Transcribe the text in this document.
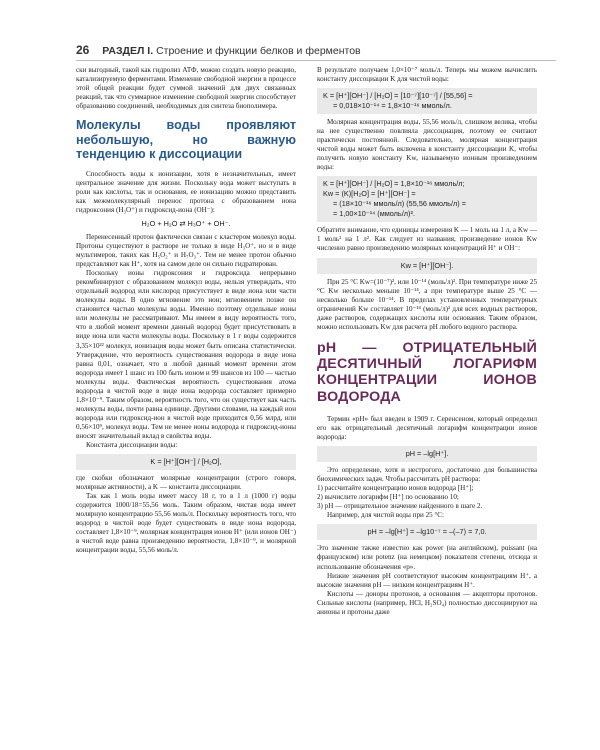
26 РАЗДЕЛ I. Строение и функции белков и ферментов

ски выгодный, такой как гидролиз АТФ, можно создать новую реакцию, катализируемую ферментами. Изменение свободной энергии в процессе этой общей реакции будет суммой значений для двух связанных реакций, так что суммарное изменение свободной энергии способствует образованию соединений, необходимых для синтеза биополимера.

Молекулы воды проявляют небольшую, но важную тенденцию к диссоциации

Способность воды к ионизации, хотя в незначительных, имеет центральное значение для жизни. Поскольку вода может выступать в роли как кислоты, так и основания, ее ионизацию можно представить как межмолекулярный перенос протона с образованием иона гидроксония (H₃O⁺) и гидроксид-иона (OH⁻):

H₂O + H₂O ⇄ H₃O⁺ + OH⁻.

Перенесенный протон фактически связан с кластером молекул воды. Протоны существуют в растворе не только в виде H₃O⁺, но и в виде мультимеров, таких как H₅O₂⁺ и H₇O₃⁺. Тем не менее протон обычно представляют как H⁺, хотя на самом деле он сильно гидратирован.

Поскольку ионы гидроксония и гидроксида непрерывно рекомбинируют с образованием молекул воды, нельзя утверждать, что отдельный водород или кислород присутствует в виде иона или части молекулы воды. В одно мгновение это ион; мгновением позже он становится частью молекулы воды. Именно поэтому отдельные ионы или молекулы не рассматривают. Мы имеем в виду вероятность того, что в любой момент времени данный водород будет присутствовать в виде иона или части молекулы воды. Поскольку в 1 г воды содержится 3,35×10²² молекул, ионизация воды может быть описана статистически. Утверждение, что вероятность существования водорода в виде иона равна 0,01, означает, что в любой данный момент времени атом водорода имеет 1 шанс из 100 быть ионом и 99 шансов из 100 — частью молекулы воды. Фактическая вероятность существования атома водорода в чистой воде в виде иона водорода составляет примерно 1,8×10⁻⁹. Таким образом, вероятность того, что он существует как часть молекулы воды, почти равна единице. Другими словами, на каждый ион водорода или гидроксид-ион в чистой воде приходится 0,56 млрд, или 0,56×10⁹, молекул воды. Тем не менее ионы водорода и гидроксид-ионы вносят значительный вклад в свойства воды.

Константа диссоциации воды:

K = [H⁺][OH⁻] / [H₂O],

где скобки обозначают молярные концентрации (строго говоря, молярные активности), а K — константа диссоциации.

Так как 1 моль воды имеет массу 18 г, то в 1 л (1000 г) воды содержится 1000/18=55,56 моль. Таким образом, чистая вода имеет молярную концентрацию 55,56 моль/л. Поскольку вероятность того, что водород в чистой воде будет существовать в виде иона водорода, составляет 1,8×10⁻⁹, молярная концентрация ионов H⁺ (или ионов OH⁻) в чистой воде равна произведению вероятности, 1,8×10⁻⁹, и молярной концентрации воды, 55,56 моль/л.

В результате получаем 1,0×10⁻⁷ моль/л. Теперь мы можем вычислить константу диссоциации K для чистой воды:

K = [H⁺][OH⁻] / [H₂O] = [10⁻⁷][10⁻⁷] / [55,56] =
= 0,018×10⁻¹⁴ = 1,8×10⁻¹⁶ ммоль/л.

Молярная концентрация воды, 55,56 моль/л, слишком велика, чтобы на нее существенно повлияла диссоциация, поэтому ее считают практически постоянной. Следовательно, молярная концентрация чистой воды может быть включена в константу диссоциации K, чтобы получить новую константу Kw, называемую ионным произведением воды:

K = [H⁺][OH⁻] / [H₂O] = 1,8×10⁻¹⁶ ммоль/л;
Kw = (K)[H₂O] = [H⁺][OH⁻] =
= (18×10⁻¹⁶ ммоль/л) (55,56 ммоль/л) =
= 1,00×10⁻¹⁴ (ммоль/л)².

Обратите внимание, что единицы измерения K — 1 моль на 1 л, а Kw — 1 моль² на 1 л². Как следует из названия, произведение ионов Kw численно равно произведению молярных концентраций H⁺ и OH⁻:

Kw = [H⁺][OH⁻].

При 25 °C Kw=(10⁻⁷)², или 10⁻¹⁴ (моль/л)². При температуре ниже 25 °C Kw несколько меньше 10⁻¹⁴, а при температуре выше 25 °C — несколько больше 10⁻¹⁴. В пределах установленных температурных ограничений Kw составляет 10⁻¹⁴ (моль/л)² для всех водных растворов, даже растворов, содержащих кислоты или основания. Таким образом, можно использовать Kw для расчета pH любого водного раствора.

pH — ОТРИЦАТЕЛЬНЫЙ ДЕСЯТИЧНЫЙ ЛОГАРИФМ КОНЦЕНТРАЦИИ ИОНОВ ВОДОРОДА

Термин «pH» был введен в 1909 г. Серенсеном, который определил его как отрицательный десятичный логарифм концентрации ионов водорода:

pH = –lg[H⁺].

Это определение, хотя и нестрогого, достаточно для большинства биохимических задач. Чтобы рассчитать pH раствора:

1) рассчитайте концентрацию ионов водорода [H⁺];
2) вычислите логарифм [H⁺] по основанию 10;
3) pH — отрицательное значение найденного в шаге 2.

Например, для чистой воды при 25 °C:

pH = –lg[H⁺] = –lg10⁻⁷ = –(–7) = 7,0.

Это значение также известно как power (на английском), puissant (на французском) или potenz (на немецком) показателя степени, отсюда и использование обозначения «p».

Низкие значения pH соответствуют высоким концентрациям H⁺, а высокие значения pH — низким концентрациям H⁺.

Кислоты — доноры протонов, а основания — акцепторы протонов. Сильные кислоты (например, HCl, H₂SO₄) полностью диссоциируют на анионы и протоны даже
